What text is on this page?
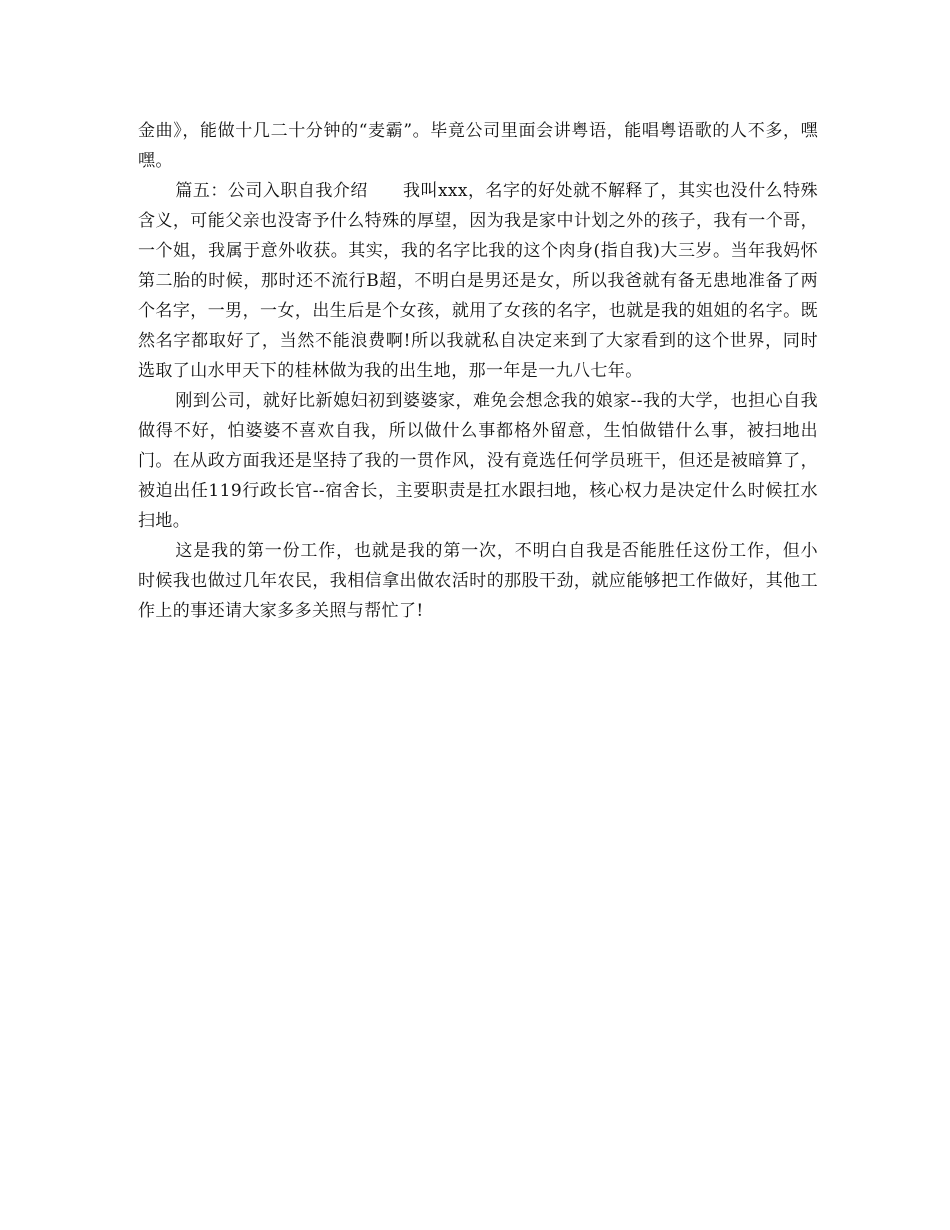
金曲》，能做十几二十分钟的“麦霸”。毕竟公司里面会讲粤语，能唱粤语歌的人不多，嘿嘿。

篇五：公司入职自我介绍　　我叫xxx，名字的好处就不解释了，其实也没什么特殊含义，可能父亲也没寄予什么特殊的厚望，因为我是家中计划之外的孩子，我有一个哥，一个姐，我属于意外收获。其实，我的名字比我的这个肉身(指自我)大三岁。当年我妈怀第二胎的时候，那时还不流行B超，不明白是男还是女，所以我爸就有备无患地准备了两个名字，一男，一女，出生后是个女孩，就用了女孩的名字，也就是我的姐姐的名字。既然名字都取好了，当然不能浪费啊!所以我就私自决定来到了大家看到的这个世界，同时选取了山水甲天下的桂林做为我的出生地，那一年是一九八七年。

刚到公司，就好比新媳妇初到婆婆家，难免会想念我的娘家--我的大学，也担心自我做得不好，怕婆婆不喜欢自我，所以做什么事都格外留意，生怕做错什么事，被扫地出门。在从政方面我还是坚持了我的一贯作风，没有竟选任何学员班干，但还是被暗算了，被迫出任119行政长官--宿舍长，主要职责是扛水跟扫地，核心权力是决定什么时候扛水扫地。

这是我的第一份工作，也就是我的第一次，不明白自我是否能胜任这份工作，但小时候我也做过几年农民，我相信拿出做农活时的那股干劲，就应能够把工作做好，其他工作上的事还请大家多多关照与帮忙了!
